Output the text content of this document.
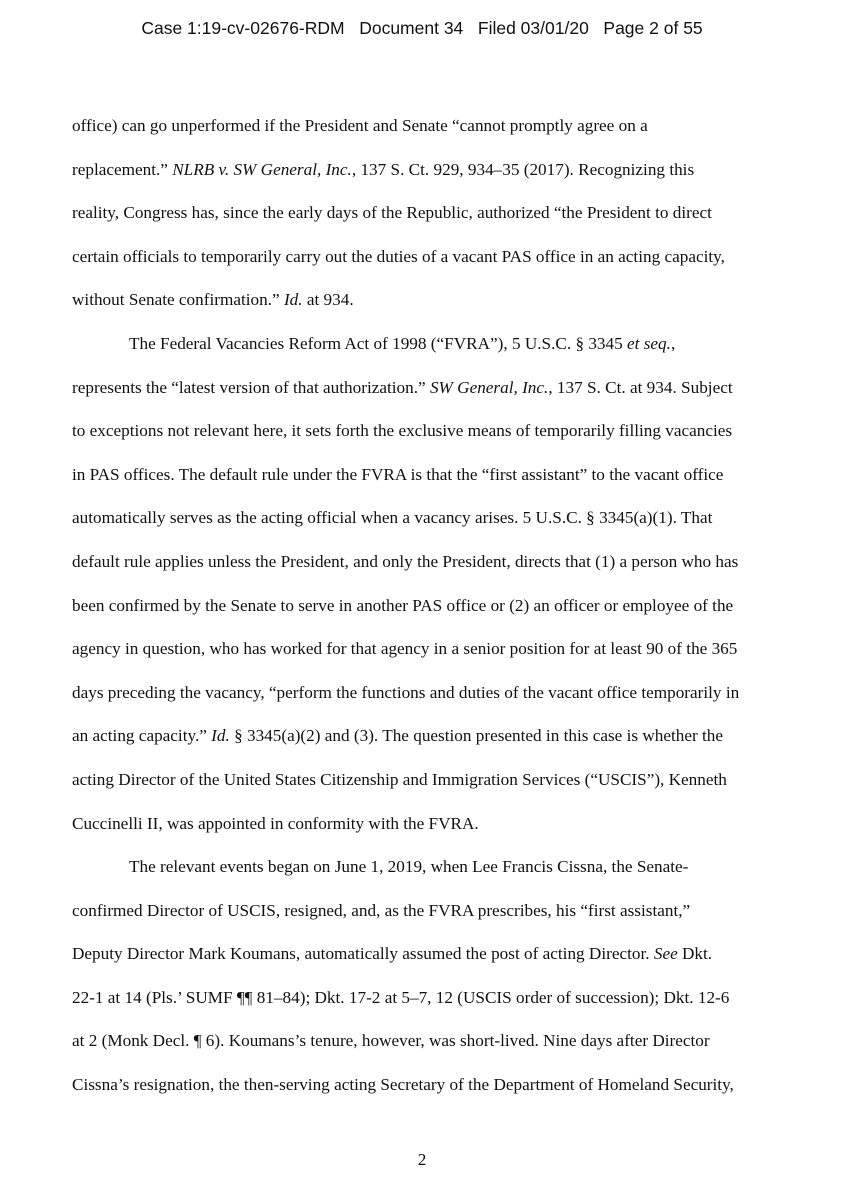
Case 1:19-cv-02676-RDM Document 34 Filed 03/01/20 Page 2 of 55
office) can go unperformed if the President and Senate “cannot promptly agree on a
replacement.” NLRB v. SW General, Inc., 137 S. Ct. 929, 934–35 (2017). Recognizing this
reality, Congress has, since the early days of the Republic, authorized “the President to direct
certain officials to temporarily carry out the duties of a vacant PAS office in an acting capacity,
without Senate confirmation.” Id. at 934.
The Federal Vacancies Reform Act of 1998 (“FVRA”), 5 U.S.C. § 3345 et seq.,
represents the “latest version of that authorization.” SW General, Inc., 137 S. Ct. at 934. Subject
to exceptions not relevant here, it sets forth the exclusive means of temporarily filling vacancies
in PAS offices. The default rule under the FVRA is that the “first assistant” to the vacant office
automatically serves as the acting official when a vacancy arises. 5 U.S.C. § 3345(a)(1). That
default rule applies unless the President, and only the President, directs that (1) a person who has
been confirmed by the Senate to serve in another PAS office or (2) an officer or employee of the
agency in question, who has worked for that agency in a senior position for at least 90 of the 365
days preceding the vacancy, “perform the functions and duties of the vacant office temporarily in
an acting capacity.” Id. § 3345(a)(2) and (3). The question presented in this case is whether the
acting Director of the United States Citizenship and Immigration Services (“USCIS”), Kenneth
Cuccinelli II, was appointed in conformity with the FVRA.
The relevant events began on June 1, 2019, when Lee Francis Cissna, the Senate-
confirmed Director of USCIS, resigned, and, as the FVRA prescribes, his “first assistant,”
Deputy Director Mark Koumans, automatically assumed the post of acting Director. See Dkt.
22-1 at 14 (Pls.’ SUMF ¶¶ 81–84); Dkt. 17-2 at 5–7, 12 (USCIS order of succession); Dkt. 12-6
at 2 (Monk Decl. ¶ 6). Koumans’s tenure, however, was short-lived. Nine days after Director
Cissna’s resignation, the then-serving acting Secretary of the Department of Homeland Security,
2
